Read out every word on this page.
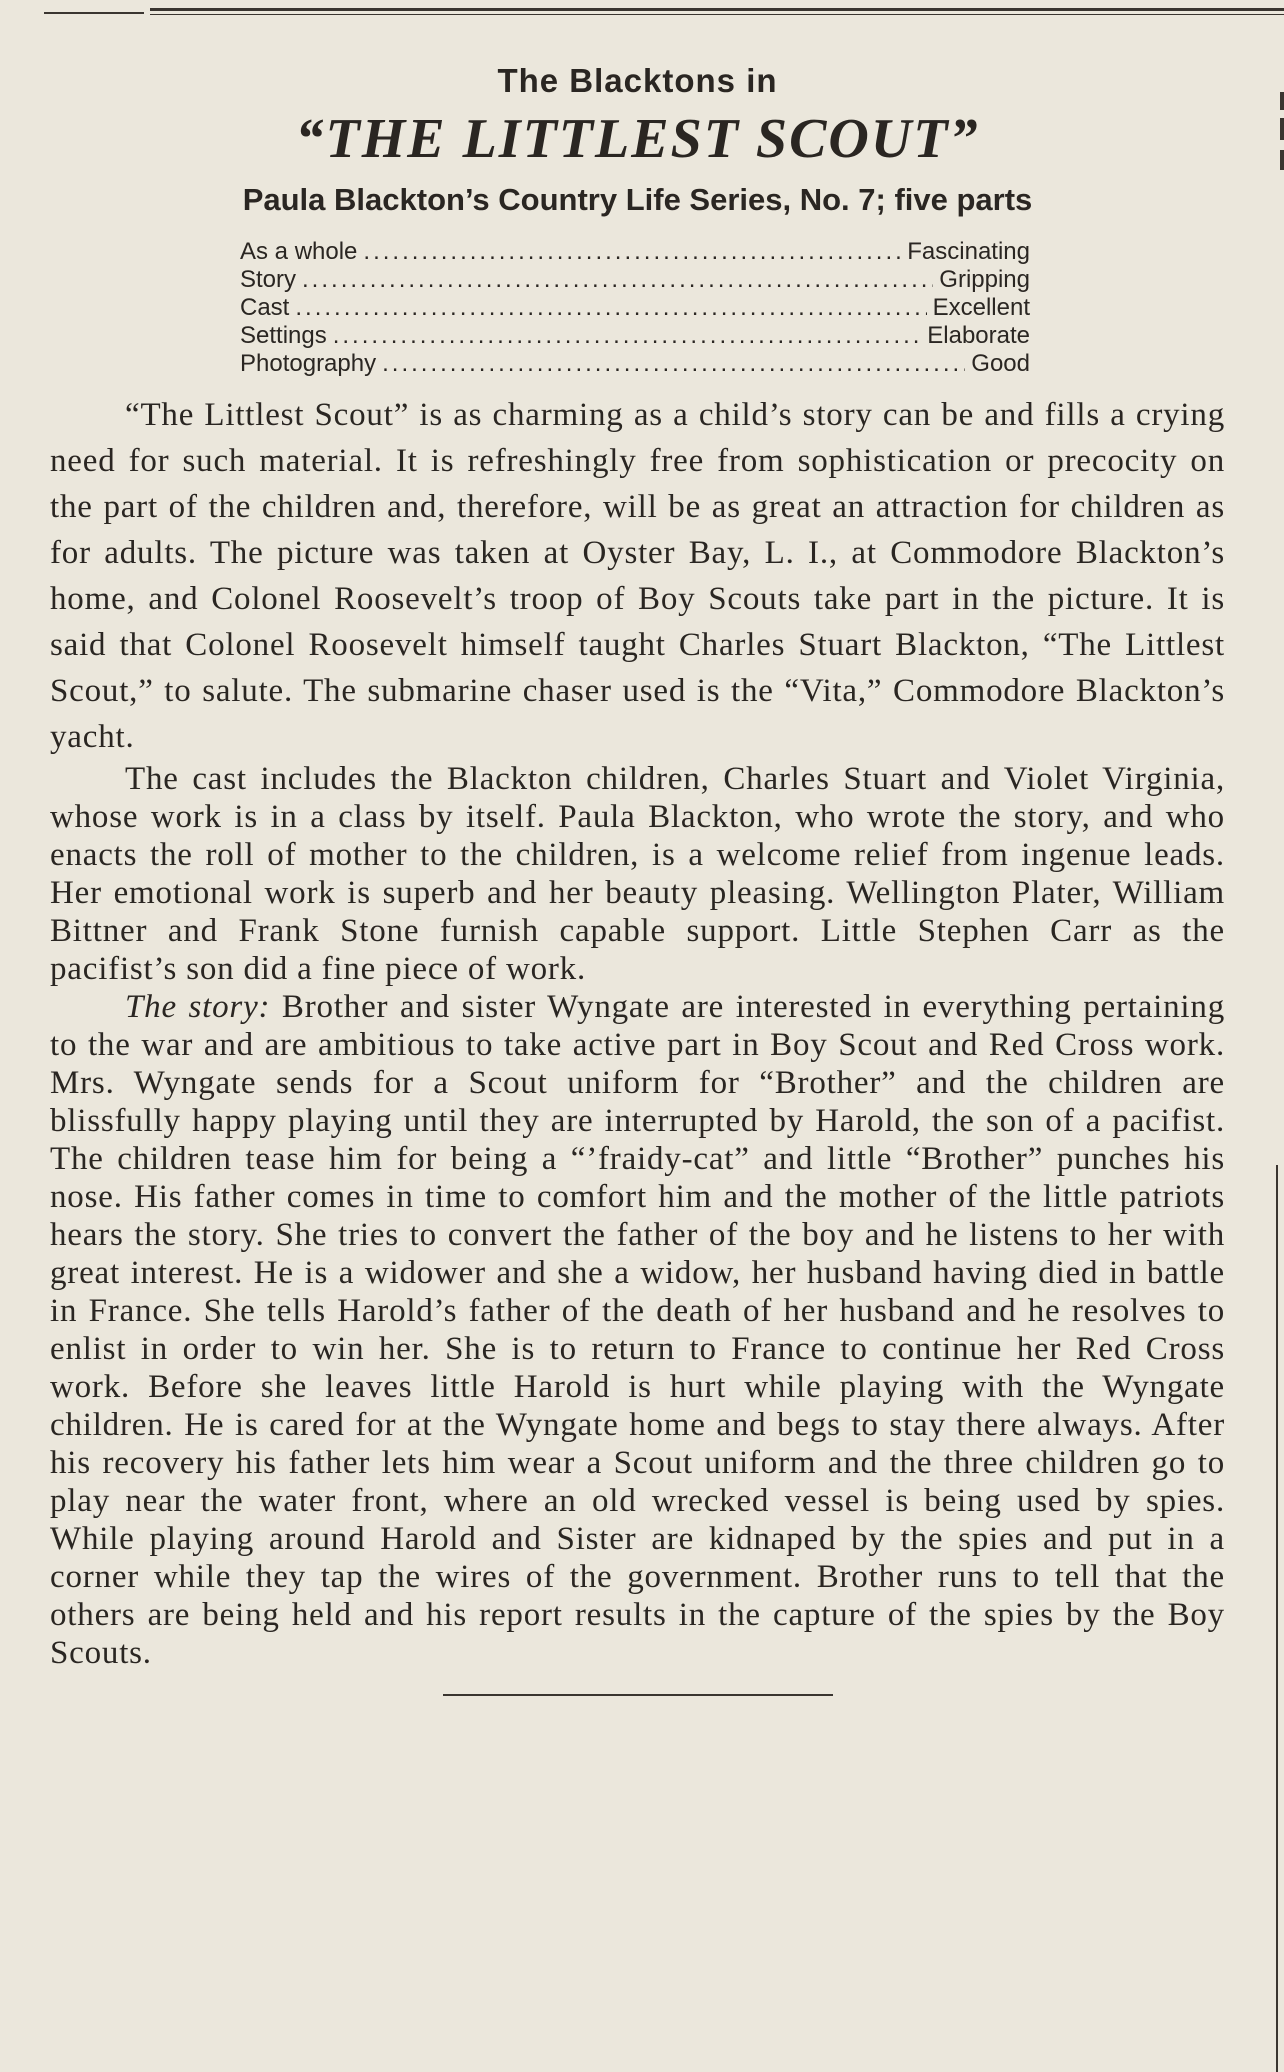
The Blacktons in
“THE LITTLEST SCOUT”
Paula Blackton’s Country Life Series, No. 7; five parts
As a whole .....	Fascinating
Story .....	Gripping
Cast .....	Excellent
Settings .....	Elaborate
Photography .....	Good

“The Littlest Scout” is as charming as a child’s story can be and fills a crying need for such material. It is refreshingly free from sophistication or precocity on the part of the children and, therefore, will be as great an attraction for children as for adults. The picture was taken at Oyster Bay, L. I., at Commodore Blackton’s home, and Colonel Roosevelt’s troop of Boy Scouts take part in the picture. It is said that Colonel Roosevelt himself taught Charles Stuart Blackton, “The Littlest Scout,” to salute. The submarine chaser used is the “Vita,” Commodore Blackton’s yacht.

The cast includes the Blackton children, Charles Stuart and Violet Virginia, whose work is in a class by itself. Paula Blackton, who wrote the story, and who enacts the roll of mother to the children, is a welcome relief from ingenue leads. Her emotional work is superb and her beauty pleasing. Wellington Plater, William Bittner and Frank Stone furnish capable support. Little Stephen Carr as the pacifist’s son did a fine piece of work.

The story: Brother and sister Wyngate are interested in everything pertaining to the war and are ambitious to take active part in Boy Scout and Red Cross work. Mrs. Wyngate sends for a Scout uniform for “Brother” and the children are blissfully happy playing until they are interrupted by Harold, the son of a pacifist. The children tease him for being a “’fraidy-cat” and little “Brother” punches his nose. His father comes in time to comfort him and the mother of the little patriots hears the story. She tries to convert the father of the boy and he listens to her with great interest. He is a widower and she a widow, her husband having died in battle in France. She tells Harold’s father of the death of her husband and he resolves to enlist in order to win her. She is to return to France to continue her Red Cross work. Before she leaves little Harold is hurt while playing with the Wyngate children. He is cared for at the Wyngate home and begs to stay there always. After his recovery his father lets him wear a Scout uniform and the three children go to play near the water front, where an old wrecked vessel is being used by spies. While playing around Harold and Sister are kidnaped by the spies and put in a corner while they tap the wires of the government. Brother runs to tell that the others are being held and his report results in the capture of the spies by the Boy Scouts.
